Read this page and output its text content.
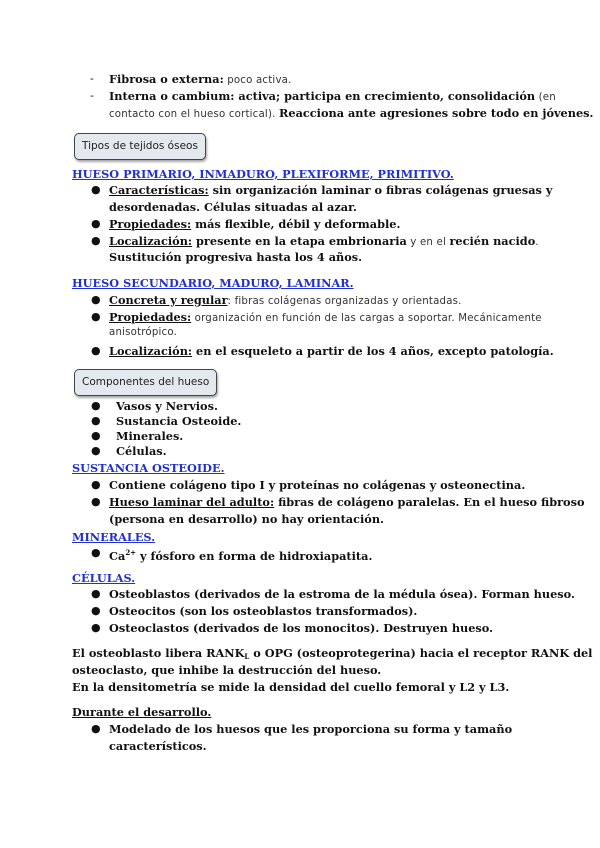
- Fibrosa o externa: poco activa.
- Interna o cambium: activa; participa en crecimiento, consolidación (en
contacto con el hueso cortical). Reacciona ante agresiones sobre todo en jóvenes.
Tipos de tejidos óseos
HUESO PRIMARIO, INMADURO, PLEXIFORME, PRIMITIVO.
● Características: sin organización laminar o fibras colágenas gruesas y
desordenadas. Células situadas al azar.
● Propiedades: más flexible, débil y deformable.
● Localización: presente en la etapa embrionaria y en el recién nacido.
Sustitución progresiva hasta los 4 años.
HUESO SECUNDARIO, MADURO, LAMINAR.
● Concreta y regular: fibras colágenas organizadas y orientadas.
● Propiedades: organización en función de las cargas a soportar. Mecánicamente
anisotrópico.
● Localización: en el esqueleto a partir de los 4 años, excepto patología.
Componentes del hueso
● Vasos y Nervios.
● Sustancia Osteoide.
● Minerales.
● Células.
SUSTANCIA OSTEOIDE.
● Contiene colágeno tipo I y proteínas no colágenas y osteonectina.
● Hueso laminar del adulto: fibras de colágeno paralelas. En el hueso fibroso
(persona en desarrollo) no hay orientación.
MINERALES.
● $Ca^{2+}$ y fósforo en forma de hidroxiapatita.
CÉLULAS.
● Osteoblastos (derivados de la estroma de la médula ósea). Forman hueso.
● Osteocitos (son los osteoblastos transformados).
● Osteoclastos (derivados de los monocitos). Destruyen hueso.
El osteoblasto libera $RANK_L$ o OPG (osteoprotegerina) hacia el receptor RANK del
osteoclasto, que inhibe la destrucción del hueso.
En la densitometría se mide la densidad del cuello femoral y L2 y L3.
Durante el desarrollo.
● Modelado de los huesos que les proporciona su forma y tamaño
característicos.
